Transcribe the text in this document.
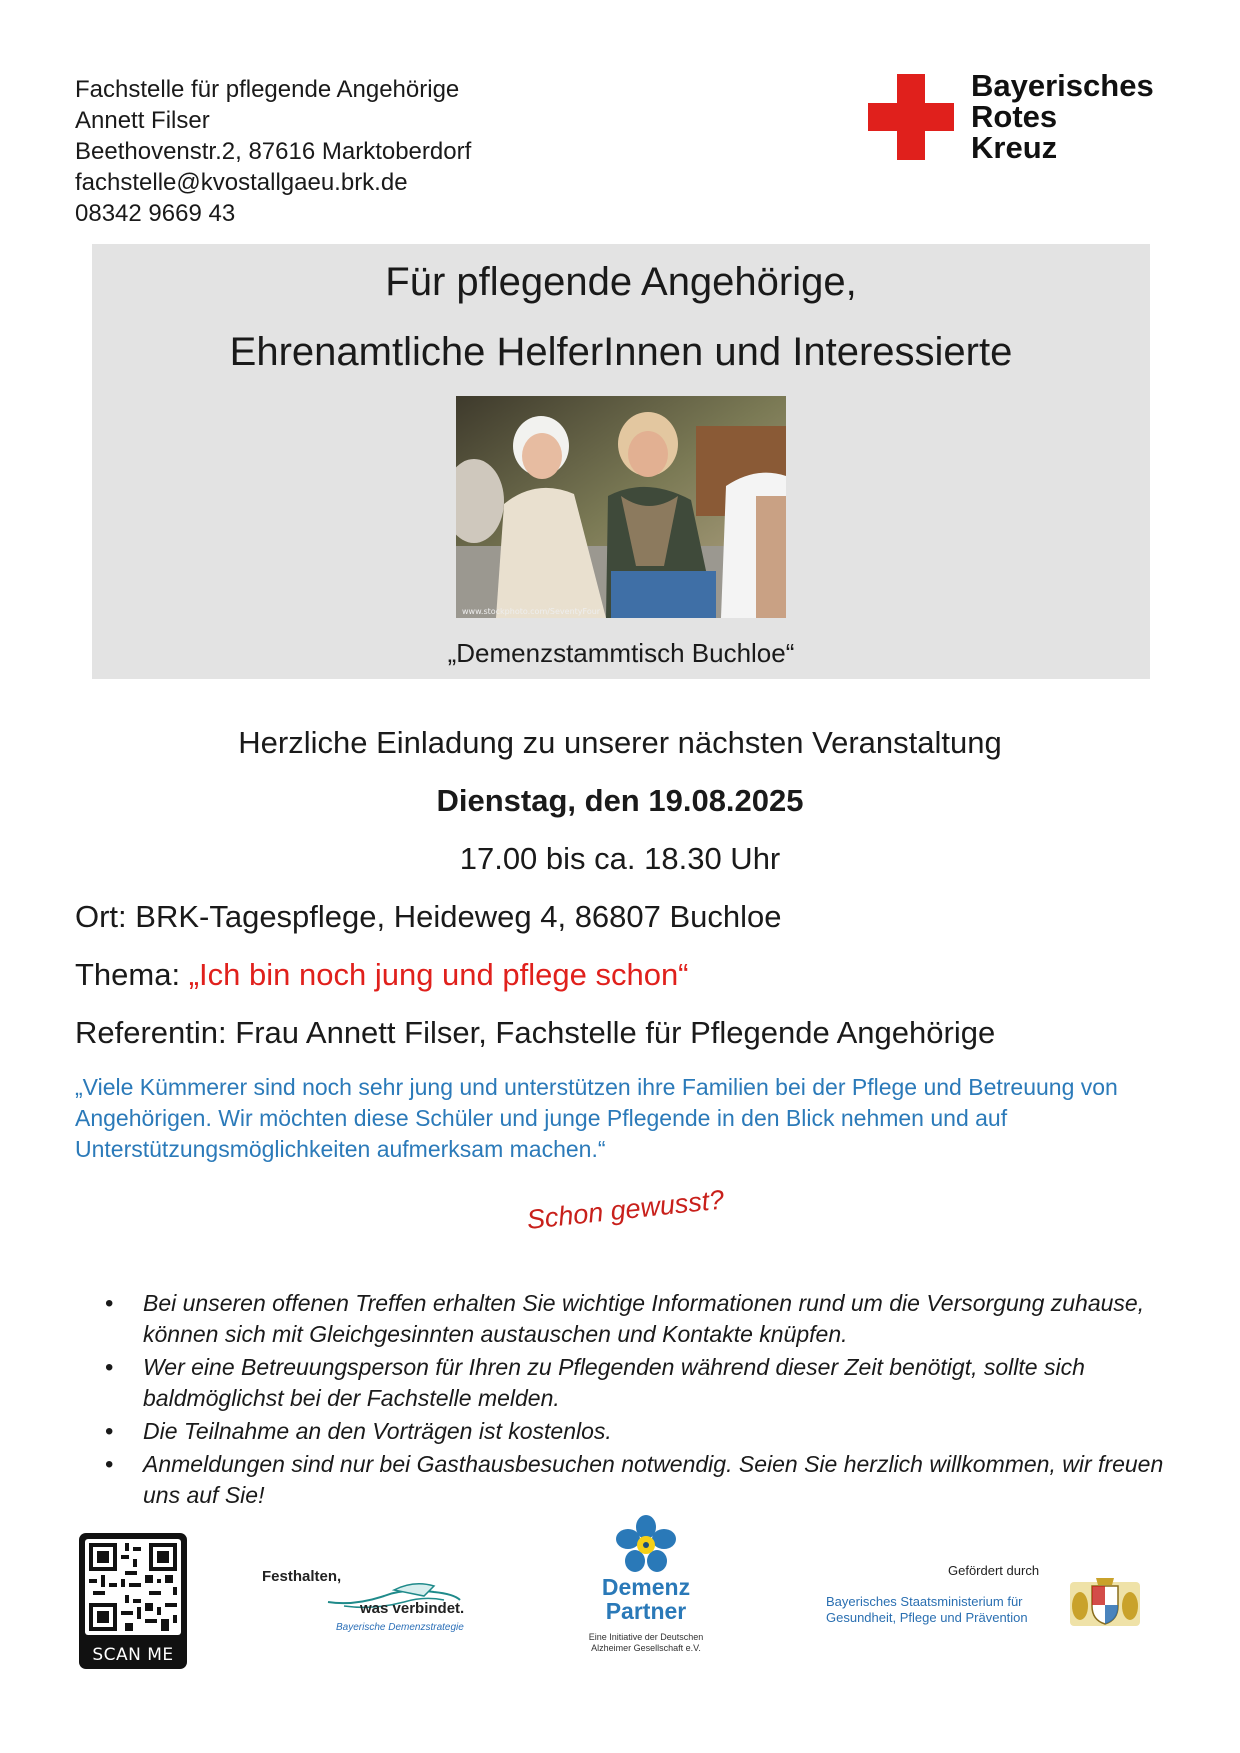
Fachstelle für pflegende Angehörige
Annett Filser
Beethovenstr.2, 87616 Marktoberdorf
fachstelle@kvostallgaeu.brk.de
08342 9669 43
Bayerisches
Rotes
Kreuz
Für pflegende Angehörige,
Ehrenamtliche HelferInnen und Interessierte
www.stockphoto.com/SeventyFour
„Demenzstammtisch Buchloe“
Herzliche Einladung zu unserer nächsten Veranstaltung
Dienstag, den 19.08.2025
17.00 bis ca. 18.30 Uhr
Ort: BRK-Tagespflege, Heideweg 4, 86807 Buchloe
Thema: „Ich bin noch jung und pflege schon“
Referentin: Frau Annett Filser, Fachstelle für Pflegende Angehörige
„Viele Kümmerer sind noch sehr jung und unterstützen ihre Familien bei der Pflege und Betreuung von Angehörigen. Wir möchten diese Schüler und junge Pflegende in den Blick nehmen und auf Unterstützungsmöglichkeiten aufmerksam machen.“
Schon gewusst?
• Bei unseren offenen Treffen erhalten Sie wichtige Informationen rund um die Versorgung zuhause, können sich mit Gleichgesinnten austauschen und Kontakte knüpfen.
• Wer eine Betreuungsperson für Ihren zu Pflegenden während dieser Zeit benötigt, sollte sich baldmöglichst bei der Fachstelle melden.
• Die Teilnahme an den Vorträgen ist kostenlos.
• Anmeldungen sind nur bei Gasthausbesuchen notwendig. Seien Sie herzlich willkommen, wir freuen uns auf Sie!
SCAN ME
Festhalten,
was verbindet.
Bayerische Demenzstrategie
Demenz
Partner
Eine Initiative der Deutschen
Alzheimer Gesellschaft e.V.
Gefördert durch
Bayerisches Staatsministerium für
Gesundheit, Pflege und Prävention
